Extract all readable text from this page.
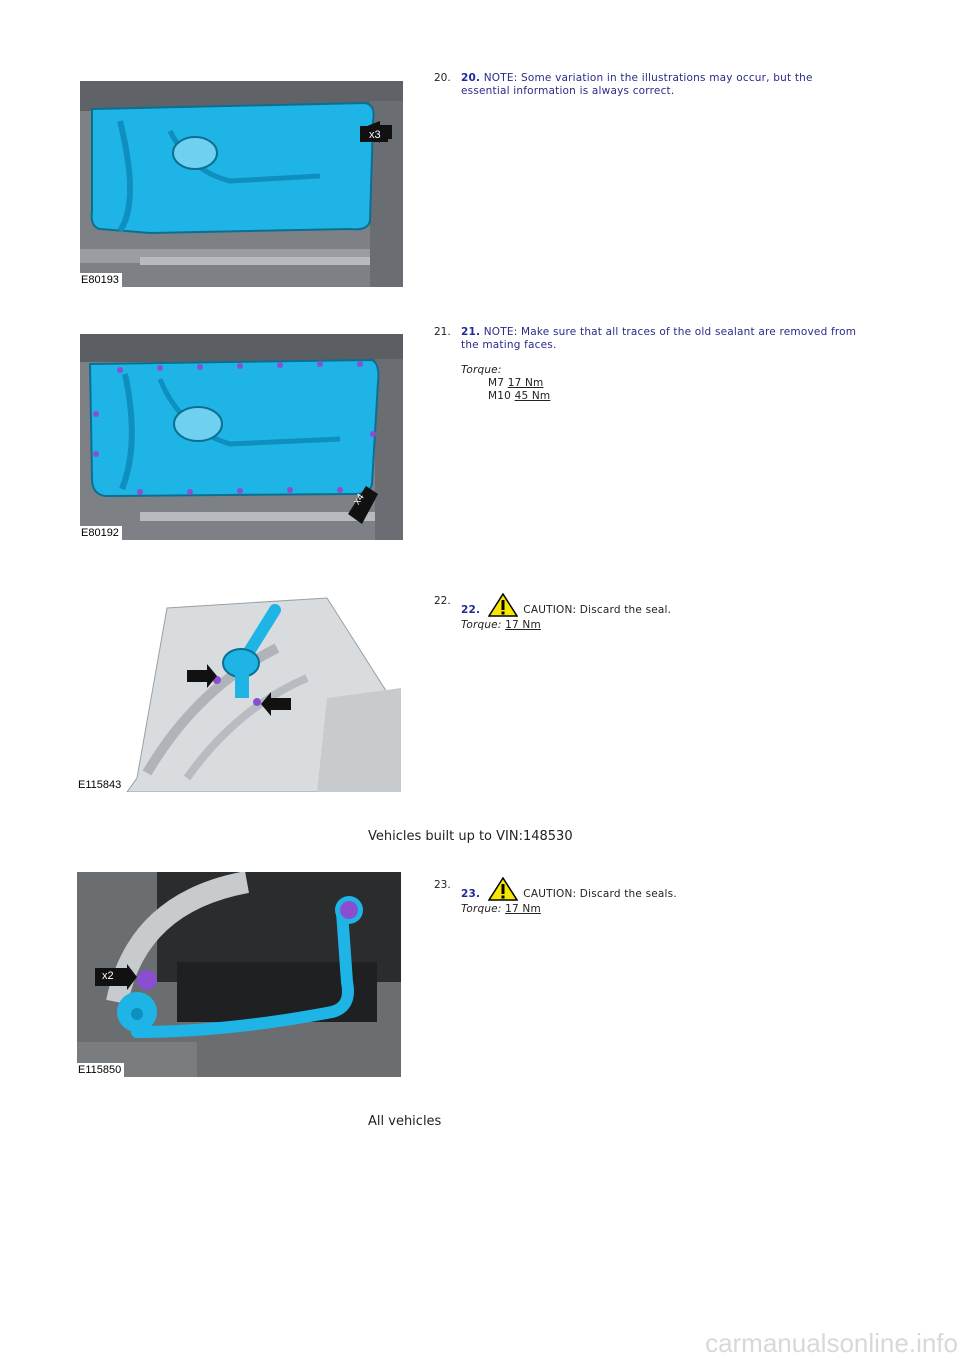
x3
E80193
20. 20. NOTE: Some variation in the illustrations may occur, but the
essential information is always correct.
x4
E80192
21. 21. NOTE: Make sure that all traces of the old sealant are removed from
the mating faces.
Torque:
M7 17 Nm
M10 45 Nm
E115843
22.
22.	CAUTION: Discard the seal.
Torque: 17 Nm
Vehicles built up to VIN:148530
x2
E115850
23.
23.	CAUTION: Discard the seals.
Torque: 17 Nm
All vehicles
carmanualsonline.info
